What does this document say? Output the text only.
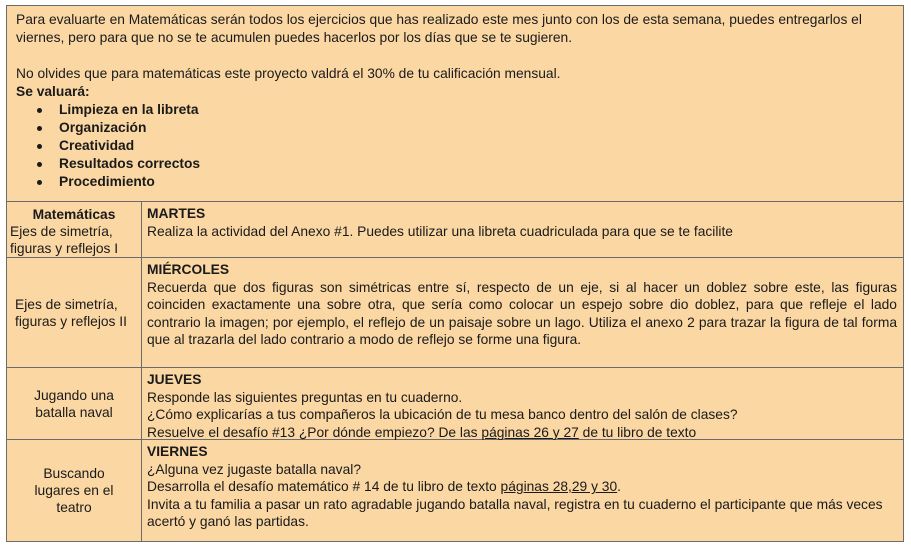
Para evaluarte en Matemáticas serán todos los ejercicios que has realizado este mes junto con los de esta semana, puedes entregarlos el viernes, pero para que no se te acumulen puedes hacerlos por los días que se te sugieren.

No olvides que para matemáticas este proyecto valdrá el 30% de tu calificación mensual.

Se valuará:

Limpieza en la libreta
Organización
Creatividad
Resultados correctos
Procedimiento
Matemáticas
Ejes de simetría, figuras y reflejos I
MARTES
Realiza la actividad del Anexo #1. Puedes utilizar una libreta cuadriculada para que se te facilite
Ejes de simetría, figuras y reflejos II
MIÉRCOLES
Recuerda que dos figuras son simétricas entre sí, respecto de un eje, si al hacer un doblez sobre este, las figuras coinciden exactamente una sobre otra, que sería como colocar un espejo sobre dio doblez, para que refleje el lado contrario la imagen; por ejemplo, el reflejo de un paisaje sobre un lago. Utiliza el anexo 2 para trazar la figura de tal forma que al trazarla del lado contrario a modo de reflejo se forme una figura.
Jugando una batalla naval
JUEVES
Responde las siguientes preguntas en tu cuaderno.
¿Cómo explicarías a tus compañeros la ubicación de tu mesa banco dentro del salón de clases?
Resuelve el desafío #13 ¿Por dónde empiezo? De las páginas 26 y 27 de tu libro de texto
Buscando lugares en el teatro
VIERNES
¿Alguna vez jugaste batalla naval?
Desarrolla el desafío matemático # 14 de tu libro de texto páginas 28,29 y 30.
Invita a tu familia a pasar un rato agradable jugando batalla naval, registra en tu cuaderno el participante que más veces acertó y ganó las partidas.
